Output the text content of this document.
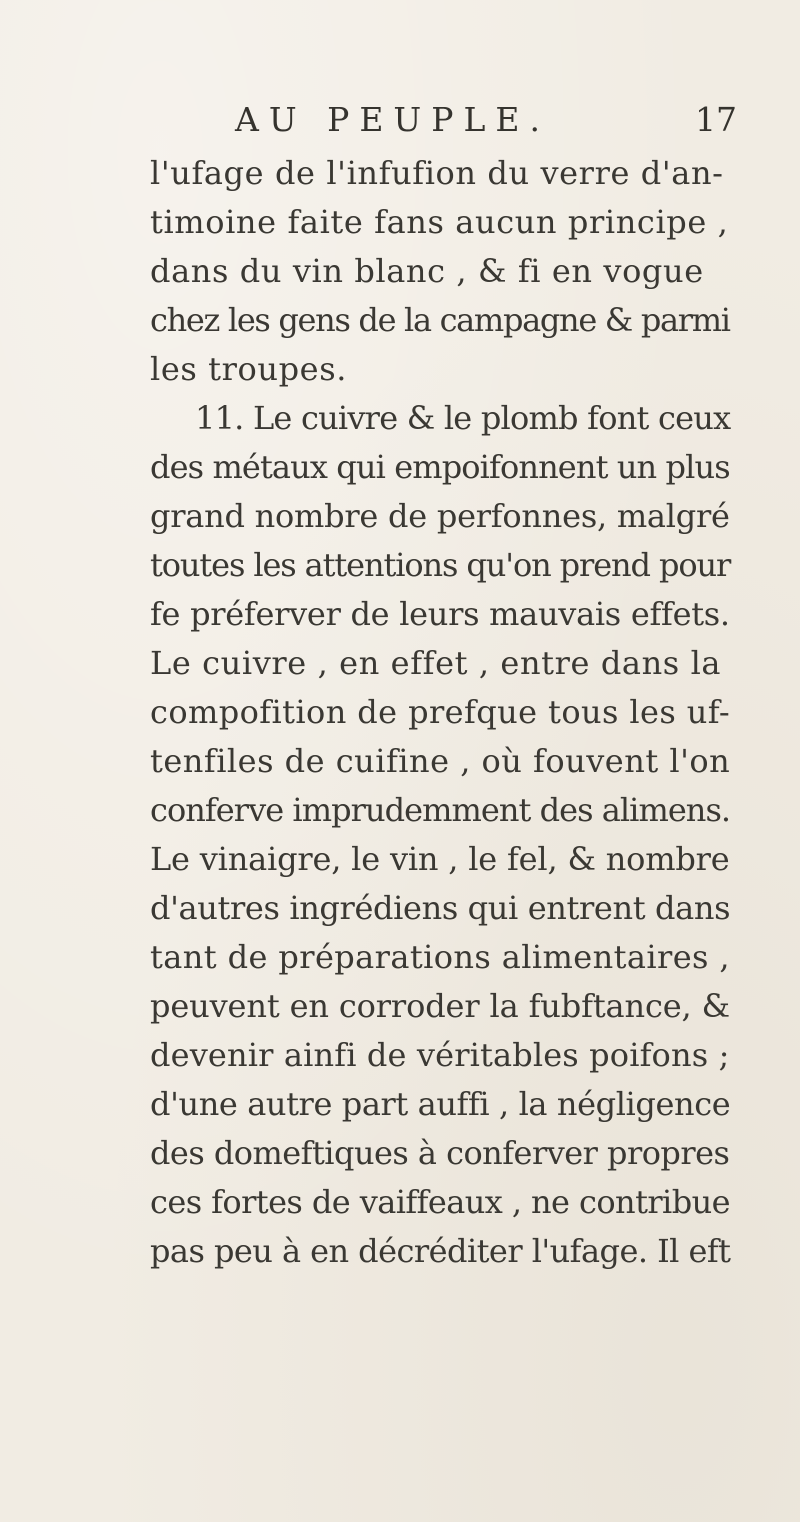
AU PEUPLE.	17
l'ufage de l'infufion du verre d'an-
timoine faite fans aucun principe ,
dans du vin blanc , & fi en vogue
chez les gens de la campagne & parmi
les troupes.
11. Le cuivre & le plomb font ceux
des métaux qui empoifonnent un plus
grand nombre de perfonnes, malgré
toutes les attentions qu'on prend pour
fe préferver de leurs mauvais effets.
Le cuivre , en effet , entre dans la
compofition de prefque tous les uf-
tenfiles de cuifine , où fouvent l'on
conferve imprudemment des alimens.
Le vinaigre, le vin , le fel, & nombre
d'autres ingrédiens qui entrent dans
tant de préparations alimentaires ,
peuvent en corroder la fubftance, &
devenir ainfi de véritables poifons ;
d'une autre part auffi , la négligence
des domeftiques à conferver propres
ces fortes de vaiffeaux , ne contribue
pas peu à en décréditer l'ufage. Il eft
